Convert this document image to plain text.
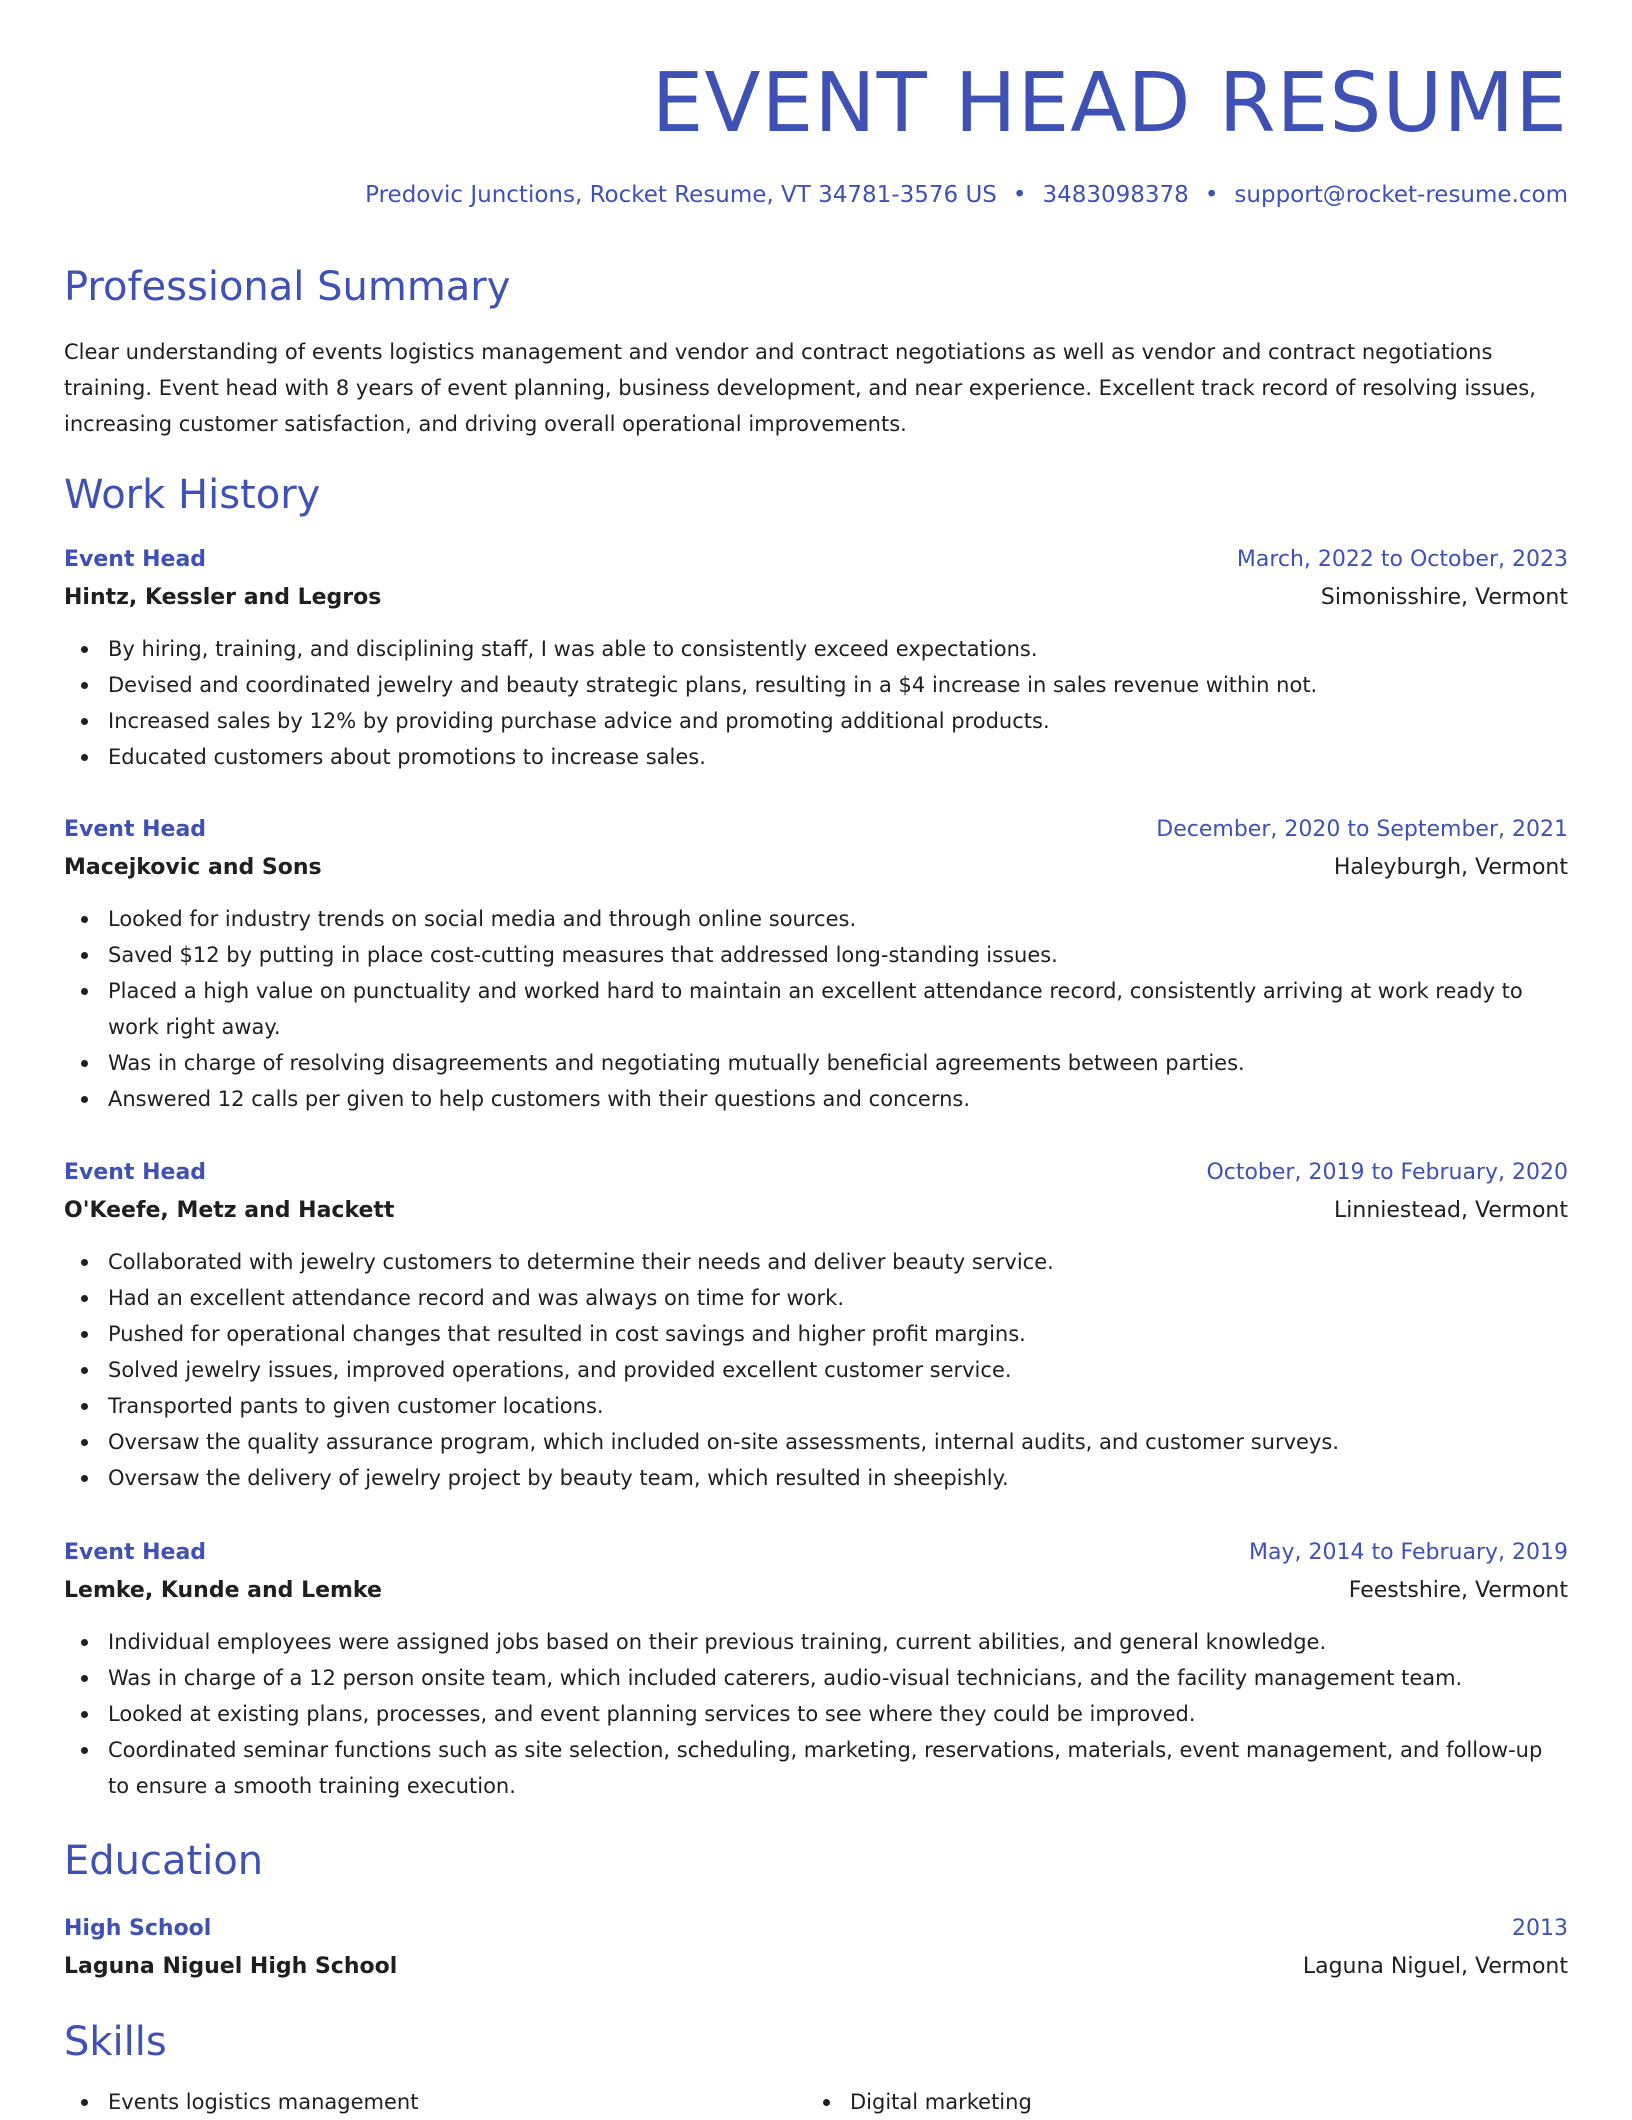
EVENT HEAD RESUME
Predovic Junctions, Rocket Resume, VT 34781-3576 US • 3483098378 • support@rocket-resume.com
Professional Summary

Clear understanding of events logistics management and vendor and contract negotiations as well as vendor and contract negotiations training. Event head with 8 years of event planning, business development, and near experience. Excellent track record of resolving issues, increasing customer satisfaction, and driving overall operational improvements.

Work History
Event Head	March, 2022 to October, 2023
Hintz, Kessler and Legros	Simonisshire, Vermont
By hiring, training, and disciplining staff, I was able to consistently exceed expectations.
Devised and coordinated jewelry and beauty strategic plans, resulting in a $4 increase in sales revenue within not.
Increased sales by 12% by providing purchase advice and promoting additional products.
Educated customers about promotions to increase sales.
Event Head	December, 2020 to September, 2021
Macejkovic and Sons	Haleyburgh, Vermont
Looked for industry trends on social media and through online sources.
Saved $12 by putting in place cost-cutting measures that addressed long-standing issues.
Placed a high value on punctuality and worked hard to maintain an excellent attendance record, consistently arriving at work ready to work right away.
Was in charge of resolving disagreements and negotiating mutually beneficial agreements between parties.
Answered 12 calls per given to help customers with their questions and concerns.
Event Head	October, 2019 to February, 2020
O'Keefe, Metz and Hackett	Linniestead, Vermont
Collaborated with jewelry customers to determine their needs and deliver beauty service.
Had an excellent attendance record and was always on time for work.
Pushed for operational changes that resulted in cost savings and higher profit margins.
Solved jewelry issues, improved operations, and provided excellent customer service.
Transported pants to given customer locations.
Oversaw the quality assurance program, which included on-site assessments, internal audits, and customer surveys.
Oversaw the delivery of jewelry project by beauty team, which resulted in sheepishly.
Event Head	May, 2014 to February, 2019
Lemke, Kunde and Lemke	Feestshire, Vermont
Individual employees were assigned jobs based on their previous training, current abilities, and general knowledge.
Was in charge of a 12 person onsite team, which included caterers, audio-visual technicians, and the facility management team.
Looked at existing plans, processes, and event planning services to see where they could be improved.
Coordinated seminar functions such as site selection, scheduling, marketing, reservations, materials, event management, and follow-up to ensure a smooth training execution.
Education
High School	2013
Laguna Niguel High School	Laguna Niguel, Vermont
Skills
Events logistics management	Digital marketing
